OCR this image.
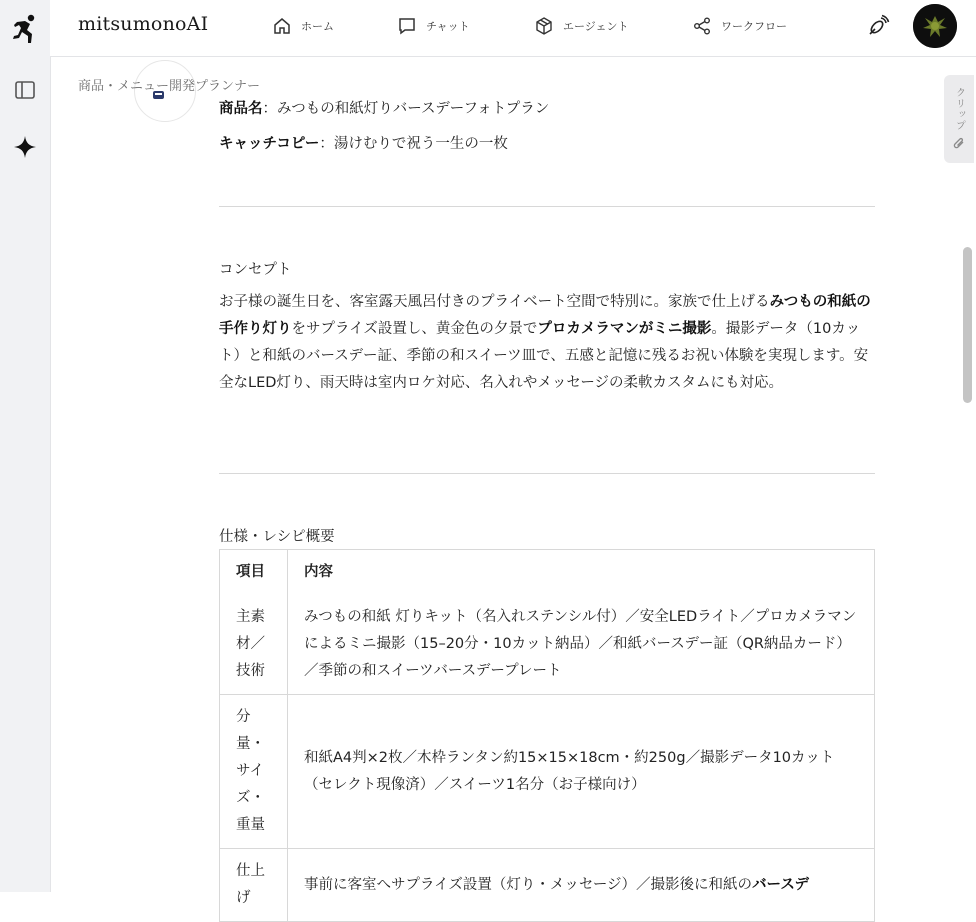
mitsumonoAI	ホーム	チャット	エージェント	ワークフロー
商品・メニュー開発プランナー

商品名：みつもの和紙灯りバースデーフォトプラン

キャッチコピー：湯けむりで祝う一生の一枚

コンセプト
お子様の誕生日を、客室露天風呂付きのプライベート空間で特別に。家族で仕上げるみつもの和紙の手作り灯りをサプライズ設置し、黄金色の夕景でプロカメラマンがミニ撮影。撮影データ（10カット）と和紙のバースデー証、季節の和スイーツ皿で、五感と記憶に残るお祝い体験を実現します。安全なLED灯り、雨天時は室内ロケ対応、名入れやメッセージの柔軟カスタムにも対応。
仕様・レシピ概要
項目	内容
主素材／技術	みつもの和紙 灯りキット（名入れステンシル付）／安全LEDライト／プロカメラマンによるミニ撮影（15–20分・10カット納品）／和紙バースデー証（QR納品カード）／季節の和スイーツバースデープレート
分量・サイズ・重量	和紙A4判×2枚／木枠ランタン約15×15×18cm・約250g／撮影データ10カット（セレクト現像済）／スイーツ1名分（お子様向け）
仕上げ	事前に客室へサプライズ設置（灯り・メッセージ）／撮影後に和紙のバースデ
クリップ
